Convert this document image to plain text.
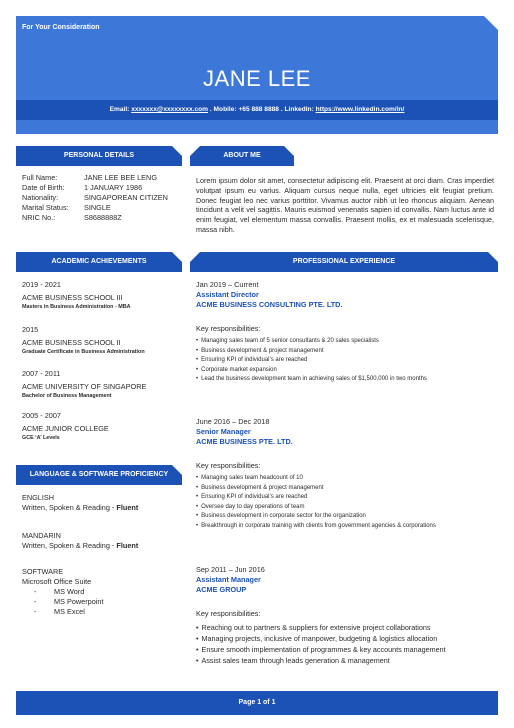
For Your Consideration
JANE LEE
Email: xxxxxxx@xxxxxxxx.com . Mobile: +65 888 8888 . LinkedIn: https://www.linkedin.com/in/
PERSONAL DETAILS
Full Name:	JANE LEE BEE LENG
Date of Birth:	1 JANUARY 1986
Nationality:	SINGAPOREAN CITIZEN
Marital Status:	SINGLE
NRIC No.:	S8688888Z
ABOUT ME
Lorem ipsum dolor sit amet, consectetur adipiscing elit. Praesent at orci diam. Cras imperdiet volutpat ipsum eu varius. Aliquam cursus neque nulla, eget ultricies elit feugiat pretium. Donec feugiat leo nec varius porttitor. Vivamus auctor nibh ut leo rhoncus aliquam. Aenean tincidunt a velit vel sagittis. Mauris euismod venenatis sapien id convallis. Nam luctus ante id enim feugiat, vel elementum massa convallis. Praesent mollis, ex et malesuada scelerisque, massa nibh.
ACADEMIC ACHIEVEMENTS
2019 - 2021
ACME BUSINESS SCHOOL III
Masters in Business Administration - MBA
2015
ACME BUSINESS SCHOOL II
Graduate Certificate in Business Administration
2007 - 2011
ACME UNIVERSITY OF SINGAPORE
Bachelor of Business Management
2005 - 2007
ACME JUNIOR COLLEGE
GCE ‘A’ Levels
LANGUAGE & SOFTWARE PROFICIENCY
ENGLISH
Written, Spoken & Reading - Fluent
MANDARIN
Written, Spoken & Reading - Fluent
SOFTWARE
Microsoft Office Suite
- MS Word
- MS Powerpoint
- MS Excel
PROFESSIONAL EXPERIENCE
Jan 2019 – Current
Assistant Director
ACME BUSINESS CONSULTING PTE. LTD.
Key responsibilities:
• Managing sales team of 5 senior consultants & 20 sales specialists
• Business development & project management
• Ensuring KPI of individual’s are reached
• Corporate market expansion
• Lead the business development team in achieving sales of $1,500,000 in two months
June 2016 – Dec 2018
Senior Manager
ACME BUSINESS PTE. LTD.
Key responsibilities:
• Managing sales team headcount of 10
• Business development & project management
• Ensuring KPI of individual’s are reached
• Oversee day to day operations of team
• Business development in corporate sector for the organization
• Breakthrough in corporate training with clients from government agencies & corporations
Sep 2011 – Jun 2016
Assistant Manager
ACME GROUP
Key responsibilities:
• Reaching out to partners & suppliers for extensive project collaborations
• Managing projects, inclusive of manpower, budgeting & logistics allocation
• Ensure smooth implementation of programmes & key accounts management
• Assist sales team through leads generation & management
Page 1 of 1
